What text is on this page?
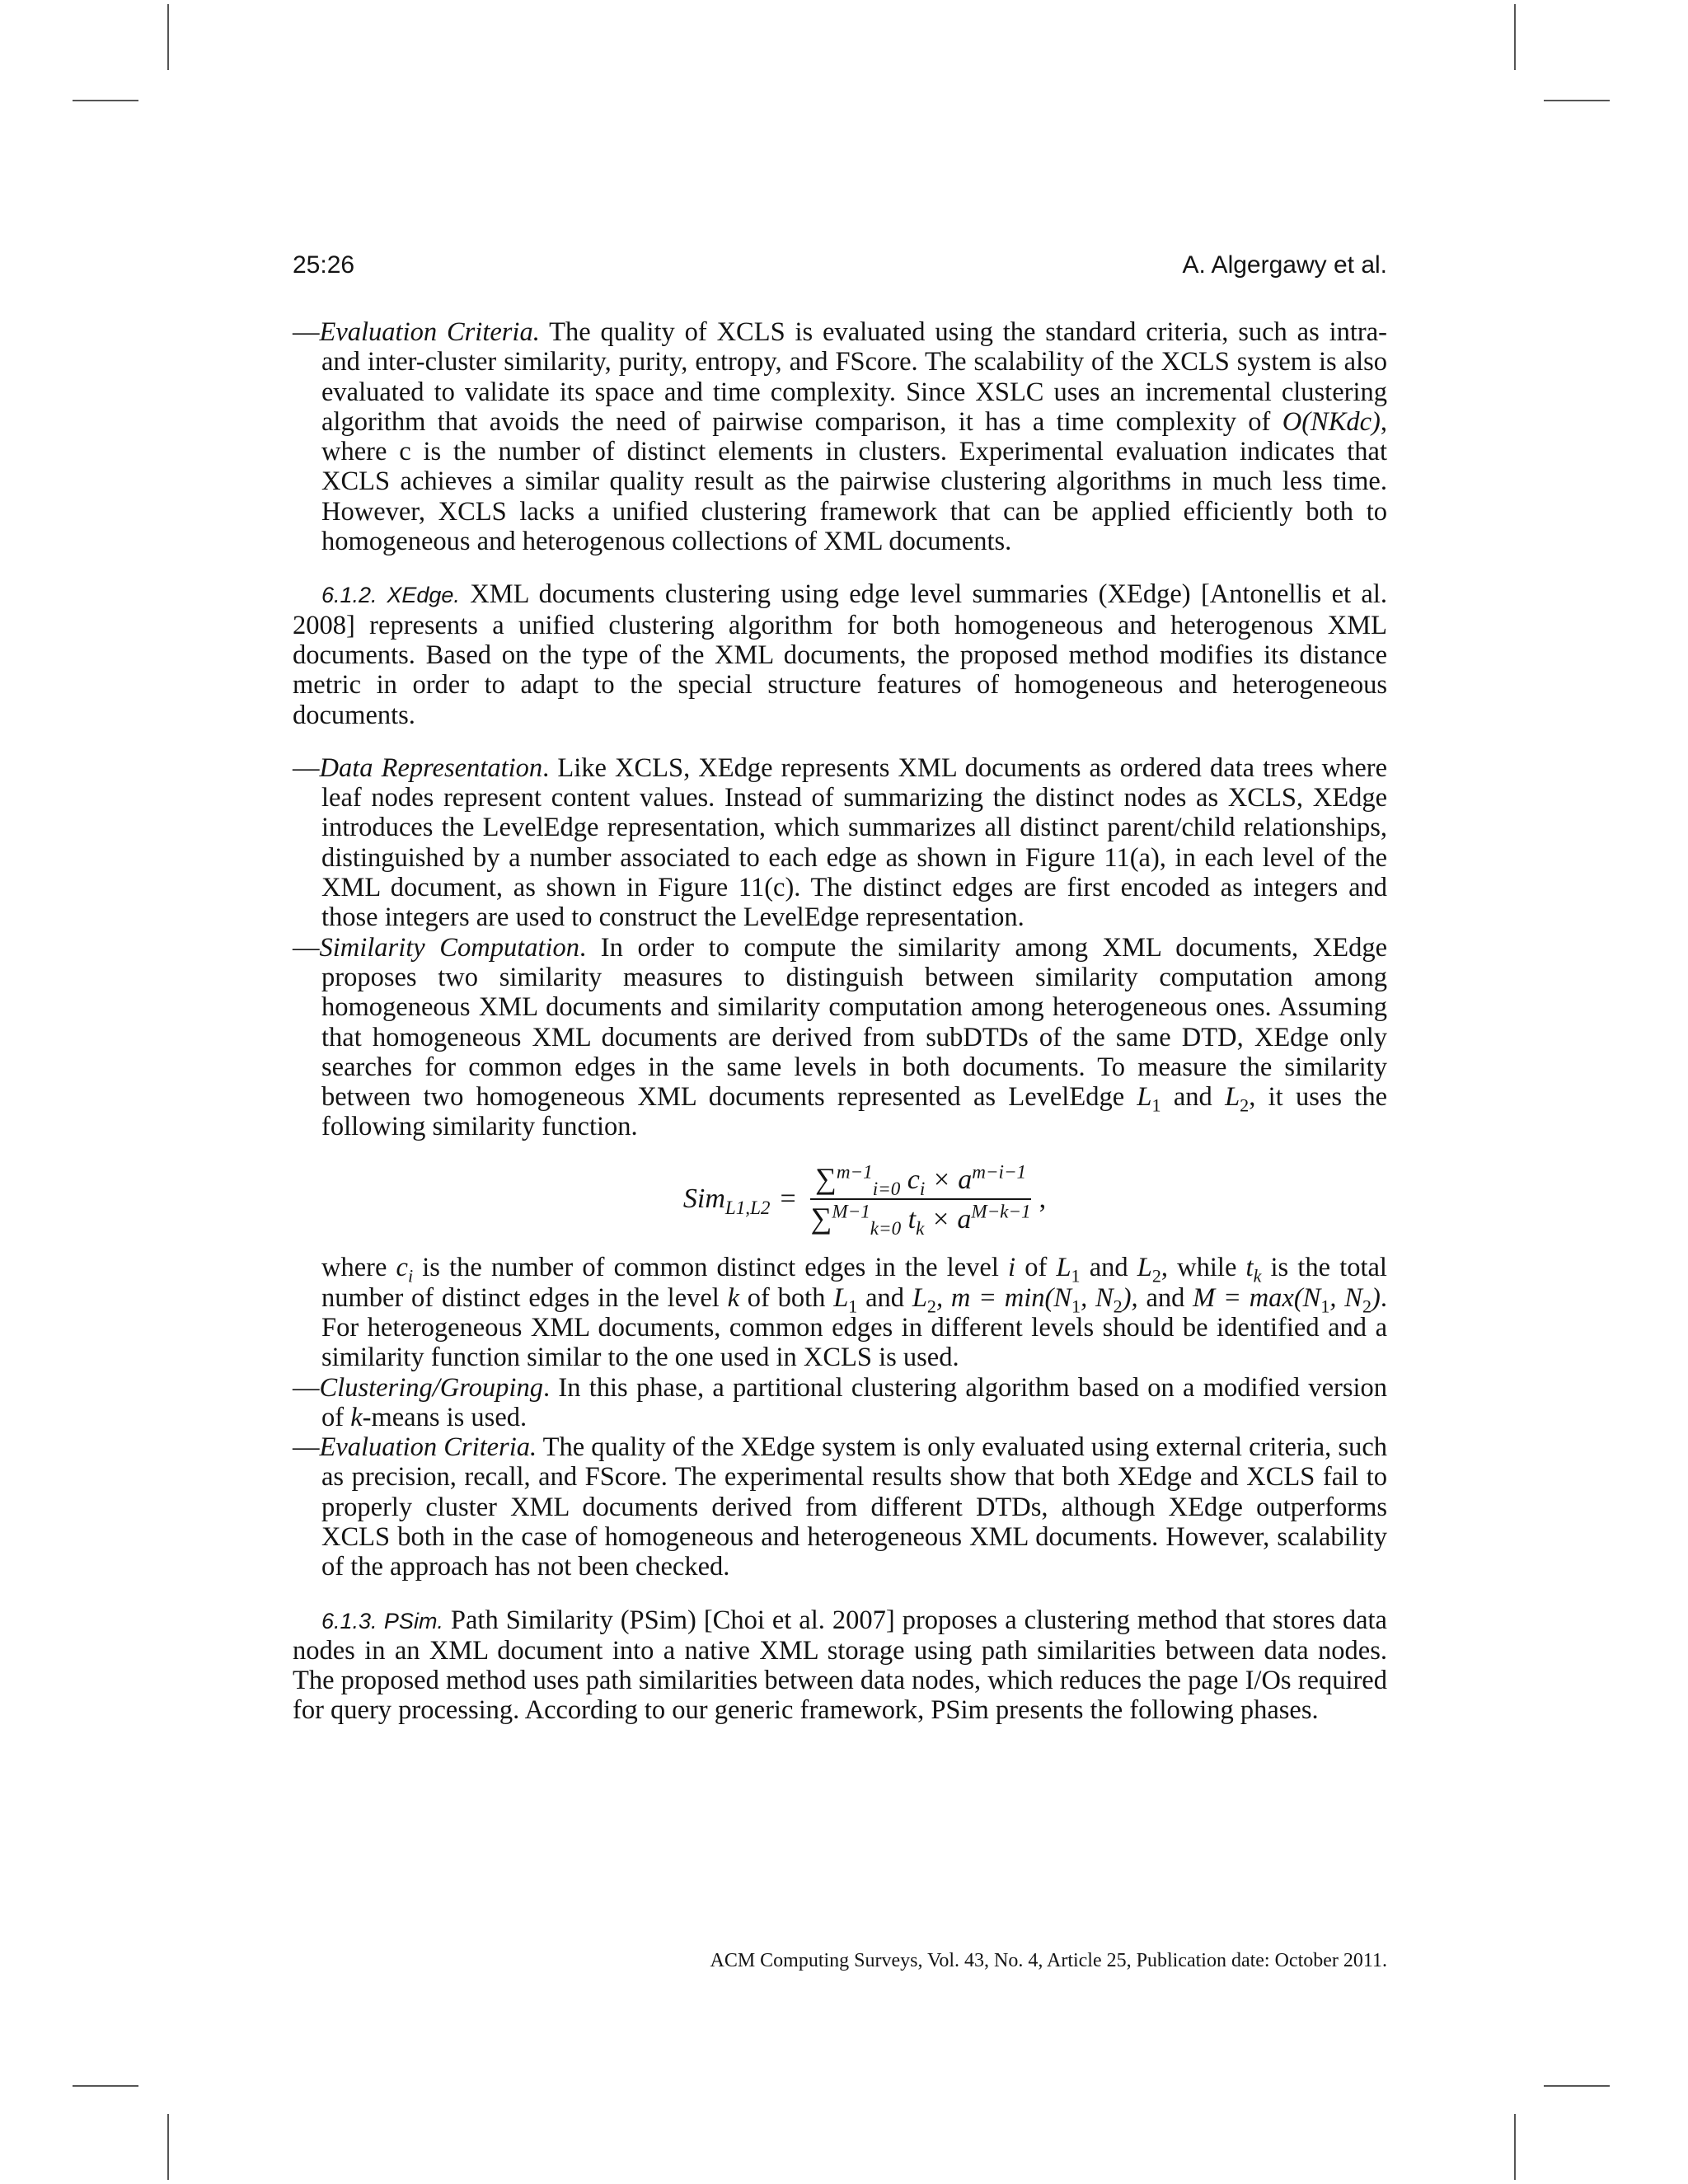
25:26	A. Algergawy et al.

—Evaluation Criteria. The quality of XCLS is evaluated using the standard criteria, such as intra- and inter-cluster similarity, purity, entropy, and FScore. The scalability of the XCLS system is also evaluated to validate its space and time complexity. Since XSLC uses an incremental clustering algorithm that avoids the need of pairwise comparison, it has a time complexity of O(NKdc), where c is the number of distinct elements in clusters. Experimental evaluation indicates that XCLS achieves a similar quality result as the pairwise clustering algorithms in much less time. However, XCLS lacks a unified clustering framework that can be applied efficiently both to homogeneous and heterogenous collections of XML documents.

6.1.2. XEdge. XML documents clustering using edge level summaries (XEdge) [Antonellis et al. 2008] represents a unified clustering algorithm for both homogeneous and heterogenous XML documents. Based on the type of the XML documents, the proposed method modifies its distance metric in order to adapt to the special structure features of homogeneous and heterogeneous documents.

—Data Representation. Like XCLS, XEdge represents XML documents as ordered data trees where leaf nodes represent content values. Instead of summarizing the distinct nodes as XCLS, XEdge introduces the LevelEdge representation, which summarizes all distinct parent/child relationships, distinguished by a number associated to each edge as shown in Figure 11(a), in each level of the XML document, as shown in Figure 11(c). The distinct edges are first encoded as integers and those integers are used to construct the LevelEdge representation.

—Similarity Computation. In order to compute the similarity among XML documents, XEdge proposes two similarity measures to distinguish between similarity computation among homogeneous XML documents and similarity computation among heterogeneous ones. Assuming that homogeneous XML documents are derived from subDTDs of the same DTD, XEdge only searches for common edges in the same levels in both documents. To measure the similarity between two homogeneous XML documents represented as LevelEdge $L_1$ and $L_2$, it uses the following similarity function.

$Sim_{L1,L2} = \frac{\sum^{m-1}_{i=0} c_i \times a^{m-i-1}}{\sum^{M-1}_{k=0} t_k \times a^{M-k-1}}$ ,

where $c_i$ is the number of common distinct edges in the level i of $L_1$ and $L_2$, while $t_k$ is the total number of distinct edges in the level k of both $L_1$ and $L_2$, $m = \min(N_1$, $N_2$), and $M = \max(N_1$, $N_2$). For heterogeneous XML documents, common edges in different levels should be identified and a similarity function similar to the one used in XCLS is used.

—Clustering/Grouping. In this phase, a partitional clustering algorithm based on a modified version of k-means is used.

—Evaluation Criteria. The quality of the XEdge system is only evaluated using external criteria, such as precision, recall, and FScore. The experimental results show that both XEdge and XCLS fail to properly cluster XML documents derived from different DTDs, although XEdge outperforms XCLS both in the case of homogeneous and heterogeneous XML documents. However, scalability of the approach has not been checked.

6.1.3. PSim. Path Similarity (PSim) [Choi et al. 2007] proposes a clustering method that stores data nodes in an XML document into a native XML storage using path similarities between data nodes. The proposed method uses path similarities between data nodes, which reduces the page I/Os required for query processing. According to our generic framework, PSim presents the following phases.

ACM Computing Surveys, Vol. 43, No. 4, Article 25, Publication date: October 2011.
